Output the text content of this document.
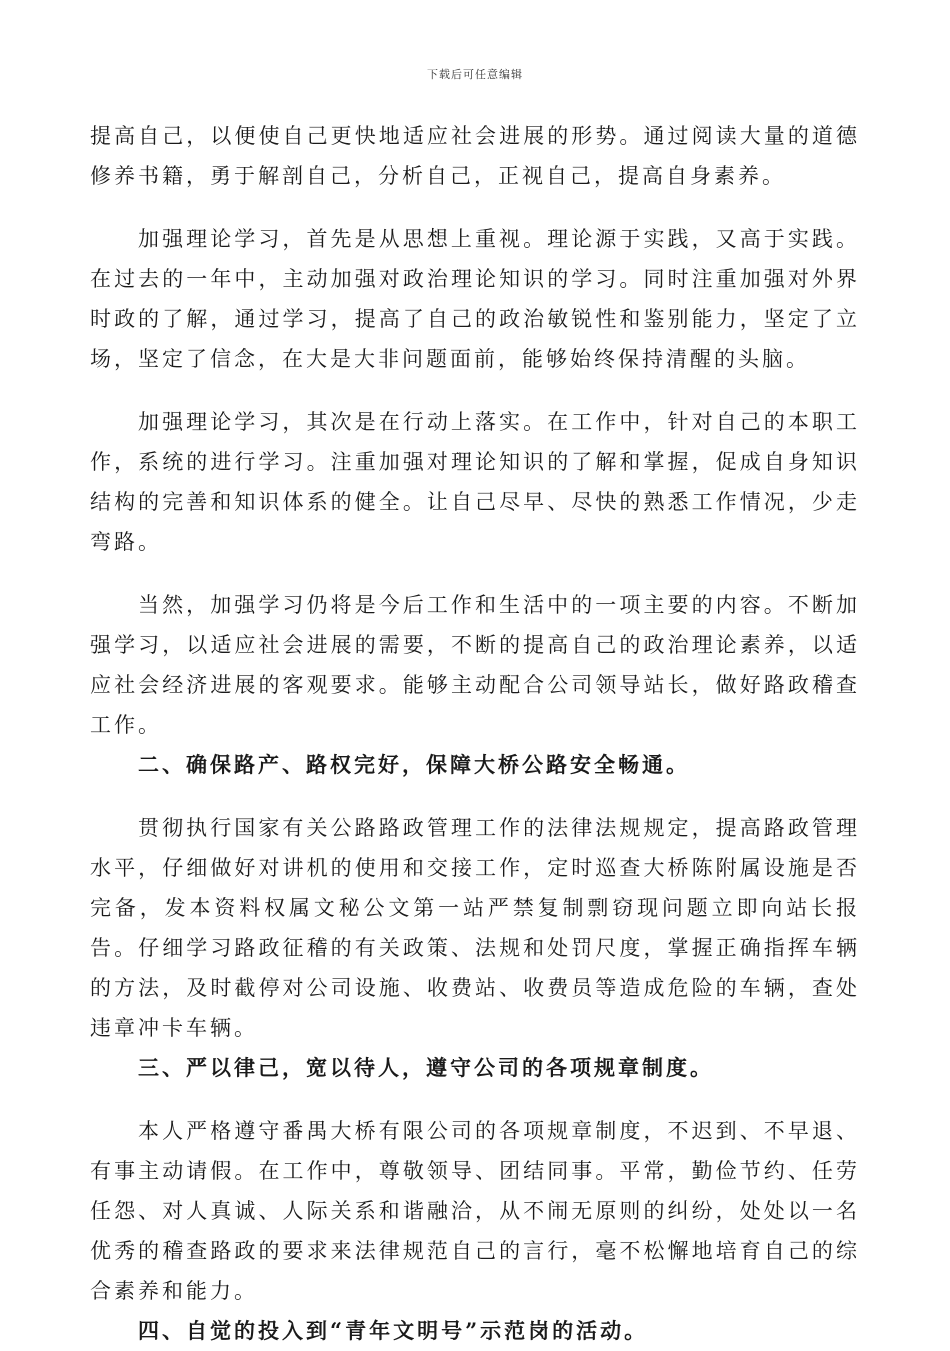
下载后可任意编辑

提高自己，以便使自己更快地适应社会进展的形势。通过阅读大量的道德修养书籍，勇于解剖自己，分析自己，正视自己，提高自身素养。

加强理论学习，首先是从思想上重视。理论源于实践，又高于实践。在过去的一年中，主动加强对政治理论知识的学习。同时注重加强对外界时政的了解，通过学习，提高了自己的政治敏锐性和鉴别能力，坚定了立场，坚定了信念，在大是大非问题面前，能够始终保持清醒的头脑。

加强理论学习，其次是在行动上落实。在工作中，针对自己的本职工作，系统的进行学习。注重加强对理论知识的了解和掌握，促成自身知识结构的完善和知识体系的健全。让自己尽早、尽快的熟悉工作情况，少走弯路。

当然，加强学习仍将是今后工作和生活中的一项主要的内容。不断加强学习，以适应社会进展的需要，不断的提高自己的政治理论素养，以适应社会经济进展的客观要求。能够主动配合公司领导站长，做好路政稽查工作。

二、确保路产、路权完好，保障大桥公路安全畅通。

贯彻执行国家有关公路路政管理工作的法律法规规定，提高路政管理水平，仔细做好对讲机的使用和交接工作，定时巡查大桥陈附属设施是否完备，发本资料权属文秘公文第一站严禁复制剽窃现问题立即向站长报告。仔细学习路政征稽的有关政策、法规和处罚尺度，掌握正确指挥车辆的方法，及时截停对公司设施、收费站、收费员等造成危险的车辆，查处违章冲卡车辆。

三、严以律己，宽以待人，遵守公司的各项规章制度。

本人严格遵守番禺大桥有限公司的各项规章制度，不迟到、不早退、有事主动请假。在工作中，尊敬领导、团结同事。平常，勤俭节约、任劳任怨、对人真诚、人际关系和谐融洽，从不闹无原则的纠纷，处处以一名优秀的稽查路政的要求来法律规范自己的言行，毫不松懈地培育自己的综合素养和能力。

四、自觉的投入到“青年文明号”示范岗的活动。
